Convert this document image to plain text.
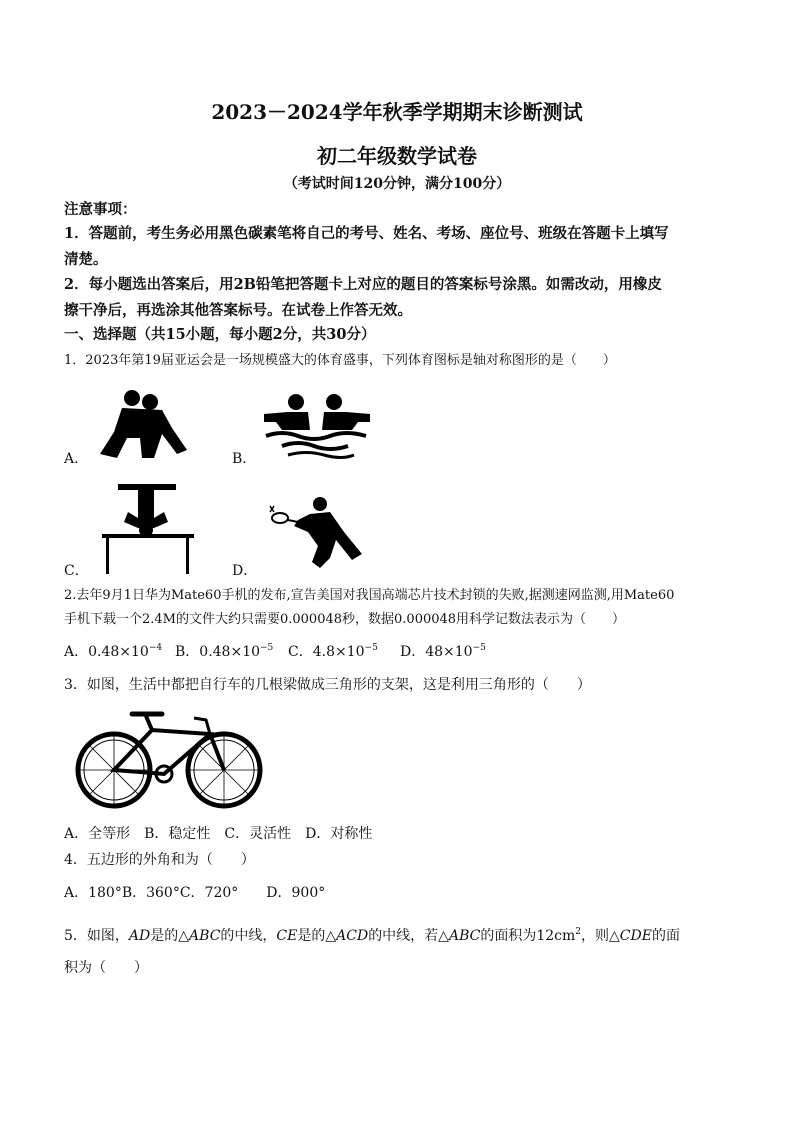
2023－2024学年秋季学期期末诊断测试
初二年级数学试卷
（考试时间120分钟，满分100分）
注意事项：
1．答题前，考生务必用黑色碳素笔将自己的考号、姓名、考场、座位号、班级在答题卡上填写
清楚。
2．每小题选出答案后，用2B铅笔把答题卡上对应的题目的答案标号涂黑。如需改动，用橡皮
擦干净后，再选涂其他答案标号。在试卷上作答无效。
一、选择题（共15小题，每小题2分，共30分）
1．2023年第19届亚运会是一场规模盛大的体育盛事，下列体育图标是轴对称图形的是（　　）
A．	B．
C．	D．
2.去年9月1日华为Mate60手机的发布,宣告美国对我国高端芯片技术封锁的失败,据测速网监测,用Mate60
手机下载一个2.4M的文件大约只需要0.000048秒，数据0.000048用科学记数法表示为（　　）
A．$0.48\times 10^{-4}$ B．$0.48\times 10^{-5}$ C．$4.8\times 10^{-5}$ D．$48\times 10^{-5}$
3．如图，生活中都把自行车的几根梁做成三角形的支架，这是利用三角形的（　　）
A．全等形　B．稳定性　C．灵活性　D．对称性
4．五边形的外角和为（　　）
A．180°B．360°C．720°　　D．900°
5．如图，AD是的△ABC的中线，CE是的△ACD的中线，若△ABC的面积为$12cm^2$，则△CDE的面
积为（　　）
